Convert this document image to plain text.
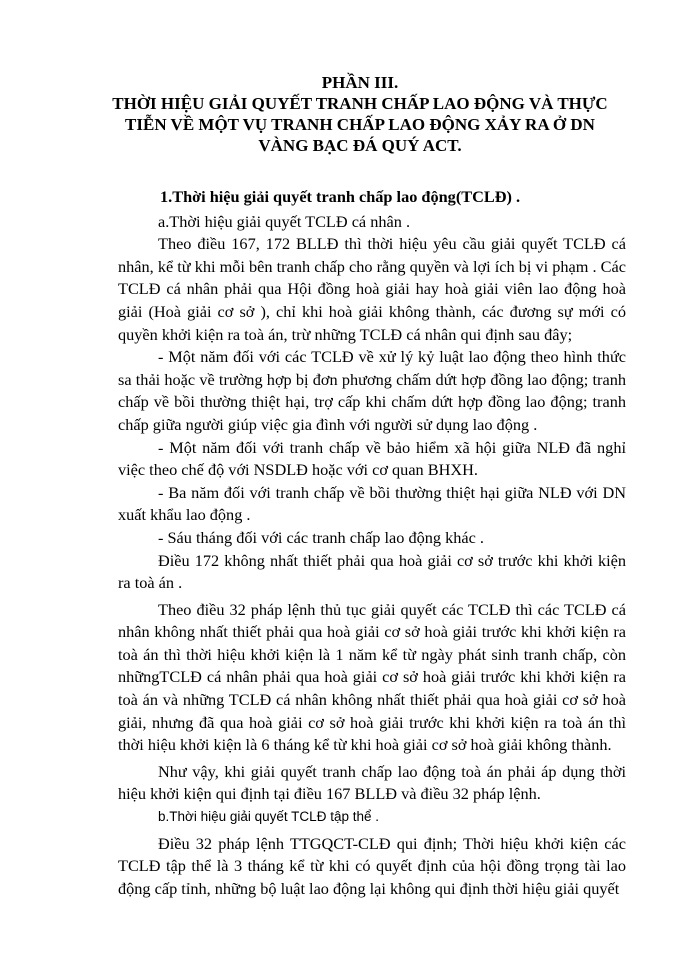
PHẦN III.
THỜI HIỆU GIẢI QUYẾT TRANH CHẤP LAO ĐỘNG VÀ THỰC
TIỄN VỀ MỘT VỤ TRANH CHẤP LAO ĐỘNG XẢY RA Ở DN
VÀNG BẠC ĐÁ QUÝ ACT.

1.Thời hiệu giải quyết tranh chấp lao động(TCLĐ) .

a.Thời hiệu giải quyết TCLĐ cá nhân .

Theo điều 167, 172 BLLĐ thì thời hiệu yêu cầu giải quyết TCLĐ cá nhân, kể từ khi mỗi bên tranh chấp cho rằng quyền và lợi ích bị vi phạm . Các TCLĐ cá nhân phải qua Hội đồng hoà giải hay hoà giải viên lao động hoà giải (Hoà giải cơ sở ), chỉ khi hoà giải không thành, các đương sự mới có quyền khởi kiện ra toà án, trừ những TCLĐ cá nhân qui định sau đây;

- Một năm đối với các TCLĐ về xử lý kỷ luật lao động theo hình thức sa thải hoặc về trường hợp bị đơn phương chấm dứt hợp đồng lao động; tranh chấp về bồi thường thiệt hại, trợ cấp khi chấm dứt hợp đồng lao động; tranh chấp giữa người giúp việc gia đình với người sử dụng lao động .

- Một năm đối với tranh chấp về bảo hiểm xã hội giữa NLĐ đã nghỉ việc theo chế độ với NSDLĐ hoặc với cơ quan BHXH.

- Ba năm đối với tranh chấp về bồi thường thiệt hại giữa NLĐ với DN xuất khẩu lao động .

- Sáu tháng đối với các tranh chấp lao động khác .

Điều 172 không nhất thiết phải qua hoà giải cơ sở trước khi khởi kiện ra toà án .

Theo điều 32 pháp lệnh thủ tục giải quyết các TCLĐ thì các TCLĐ cá nhân không nhất thiết phải qua hoà giải cơ sở hoà giải trước khi khởi kiện ra toà án thì thời hiệu khởi kiện là 1 năm kể từ ngày phát sinh tranh chấp, còn nhữngTCLĐ cá nhân phải qua hoà giải cơ sở hoà giải trước khi khởi kiện ra toà án và những TCLĐ cá nhân không nhất thiết phải qua hoà giải cơ sở hoà giải, nhưng đã qua hoà giải cơ sở hoà giải trước khi khởi kiện ra toà án thì thời hiệu khởi kiện là 6 tháng kể từ khi hoà giải cơ sở hoà giải không thành.

Như vậy, khi giải quyết tranh chấp lao động toà án phải áp dụng thời hiệu khởi kiện qui định tại điều 167 BLLĐ và điều 32 pháp lệnh.

b.Thời hiệu giải quyết TCLĐ tập thể .

Điều 32 pháp lệnh TTGQCT-CLĐ qui định; Thời hiệu khởi kiện các TCLĐ tập thể là 3 tháng kể từ khi có quyết định của hội đồng trọng tài lao động cấp tỉnh, những bộ luật lao động lại không qui định thời hiệu giải quyết
